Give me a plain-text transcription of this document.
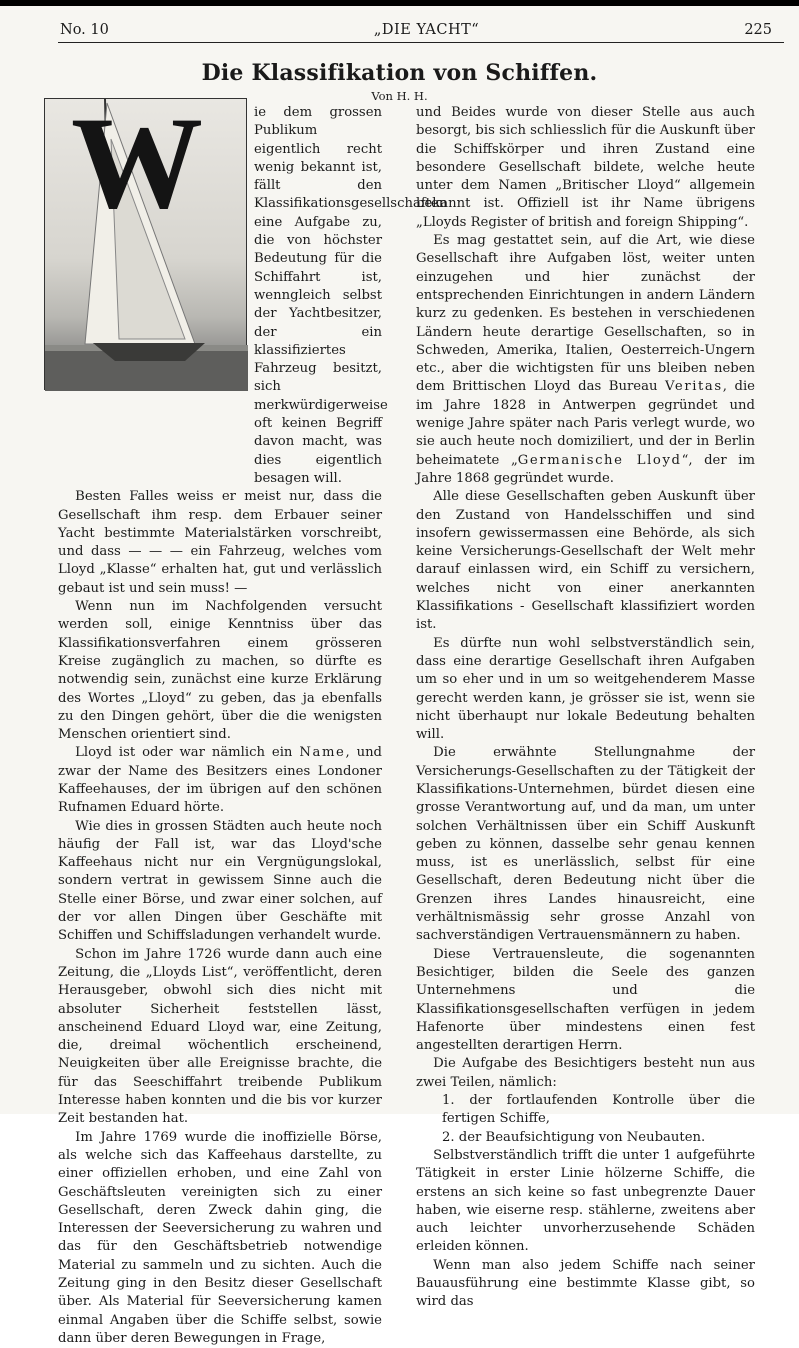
No. 10	„DIE YACHT“	225
Die Klassifikation von Schiffen.
Von H. H.
W	ie dem grossen Publikum eigentlich recht wenig bekannt ist, fällt den Klassifikationsgesellschaften eine Aufgabe zu, die von höchster Bedeutung für die Schiffahrt ist, wenngleich selbst der Yachtbesitzer, der ein klassifiziertes Fahrzeug besitzt, sich merkwürdigerweise oft keinen Begriff davon macht, was dies eigentlich besagen will.

Besten Falles weiss er meist nur, dass die Gesellschaft ihm resp. dem Erbauer seiner Yacht bestimmte Materialstärken vorschreibt, und dass — — — ein Fahrzeug, welches vom Lloyd „Klasse“ erhalten hat, gut und verlässlich gebaut ist und sein muss! —

Wenn nun im Nachfolgenden versucht werden soll, einige Kenntniss über das Klassifikationsverfahren einem grösseren Kreise zugänglich zu machen, so dürfte es notwendig sein, zunächst eine kurze Erklärung des Wortes „Lloyd“ zu geben, das ja ebenfalls zu den Dingen gehört, über die die wenigsten Menschen orientiert sind.

Lloyd ist oder war nämlich ein Name, und zwar der Name des Besitzers eines Londoner Kaffeehauses, der im übrigen auf den schönen Rufnamen Eduard hörte.

Wie dies in grossen Städten auch heute noch häufig der Fall ist, war das Lloyd'sche Kaffeehaus nicht nur ein Vergnügungslokal, sondern vertrat in gewissem Sinne auch die Stelle einer Börse, und zwar einer solchen, auf der vor allen Dingen über Geschäfte mit Schiffen und Schiffsladungen verhandelt wurde.

Schon im Jahre 1726 wurde dann auch eine Zeitung, die „Lloyds List“, veröffentlicht, deren Herausgeber, obwohl sich dies nicht mit absoluter Sicherheit feststellen lässt, anscheinend Eduard Lloyd war, eine Zeitung, die, dreimal wöchentlich erscheinend, Neuigkeiten über alle Ereignisse brachte, die für das Seeschiffahrt treibende Publikum Interesse haben konnten und die bis vor kurzer Zeit bestanden hat.

Im Jahre 1769 wurde die inoffizielle Börse, als welche sich das Kaffeehaus darstellte, zu einer offiziellen erhoben, und eine Zahl von Geschäftsleuten vereinigten sich zu einer Gesellschaft, deren Zweck dahin ging, die Interessen der Seeversicherung zu wahren und das für den Geschäftsbetrieb notwendige Material zu sammeln und zu sichten. Auch die Zeitung ging in den Besitz dieser Gesellschaft über. Als Material für Seeversicherung kamen einmal Angaben über die Schiffe selbst, sowie dann über deren Bewegungen in Frage,

und Beides wurde von dieser Stelle aus auch besorgt, bis sich schliesslich für die Auskunft über die Schiffskörper und ihren Zustand eine besondere Gesellschaft bildete, welche heute unter dem Namen „Britischer Lloyd“ allgemein bekannt ist. Offiziell ist ihr Name übrigens „Lloyds Register of british and foreign Shipping“.

Es mag gestattet sein, auf die Art, wie diese Gesellschaft ihre Aufgaben löst, weiter unten einzugehen und hier zunächst der entsprechenden Einrichtungen in andern Ländern kurz zu gedenken. Es bestehen in verschiedenen Ländern heute derartige Gesellschaften, so in Schweden, Amerika, Italien, Oesterreich-Ungern etc., aber die wichtigsten für uns bleiben neben dem Brittischen Lloyd das Bureau Veritas, die im Jahre 1828 in Antwerpen gegründet und wenige Jahre später nach Paris verlegt wurde, wo sie auch heute noch domiziliert, und der in Berlin beheimatete „Germanische Lloyd“, der im Jahre 1868 gegründet wurde.

Alle diese Gesellschaften geben Auskunft über den Zustand von Handelsschiffen und sind insofern gewissermassen eine Behörde, als sich keine Versicherungs-Gesellschaft der Welt mehr darauf einlassen wird, ein Schiff zu versichern, welches nicht von einer anerkannten Klassifikations - Gesellschaft klassifiziert worden ist.

Es dürfte nun wohl selbstverständlich sein, dass eine derartige Gesellschaft ihren Aufgaben um so eher und in um so weitgehenderem Masse gerecht werden kann, je grösser sie ist, wenn sie nicht überhaupt nur lokale Bedeutung behalten will.

Die erwähnte Stellungnahme der Versicherungs-Gesellschaften zu der Tätigkeit der Klassifikations-Unternehmen, bürdet diesen eine grosse Verantwortung auf, und da man, um unter solchen Verhältnissen über ein Schiff Auskunft geben zu können, dasselbe sehr genau kennen muss, ist es unerlässlich, selbst für eine Gesellschaft, deren Bedeutung nicht über die Grenzen ihres Landes hinausreicht, eine verhältnismässig sehr grosse Anzahl von sachverständigen Vertrauensmännern zu haben.

Diese Vertrauensleute, die sogenannten Besichtiger, bilden die Seele des ganzen Unternehmens und die Klassifikationsgesellschaften verfügen in jedem Hafenorte über mindestens einen fest angestellten derartigen Herrn.

Die Aufgabe des Besichtigers besteht nun aus zwei Teilen, nämlich:

1. der fortlaufenden Kontrolle über die fertigen Schiffe,
2. der Beaufsichtigung von Neubauten.

Selbstverständlich trifft die unter 1 aufgeführte Tätigkeit in erster Linie hölzerne Schiffe, die erstens an sich keine so fast unbegrenzte Dauer haben, wie eiserne resp. stählerne, zweitens aber auch leichter unvorherzusehende Schäden erleiden können.

Wenn man also jedem Schiffe nach seiner Bauausführung eine bestimmte Klasse gibt, so wird das
